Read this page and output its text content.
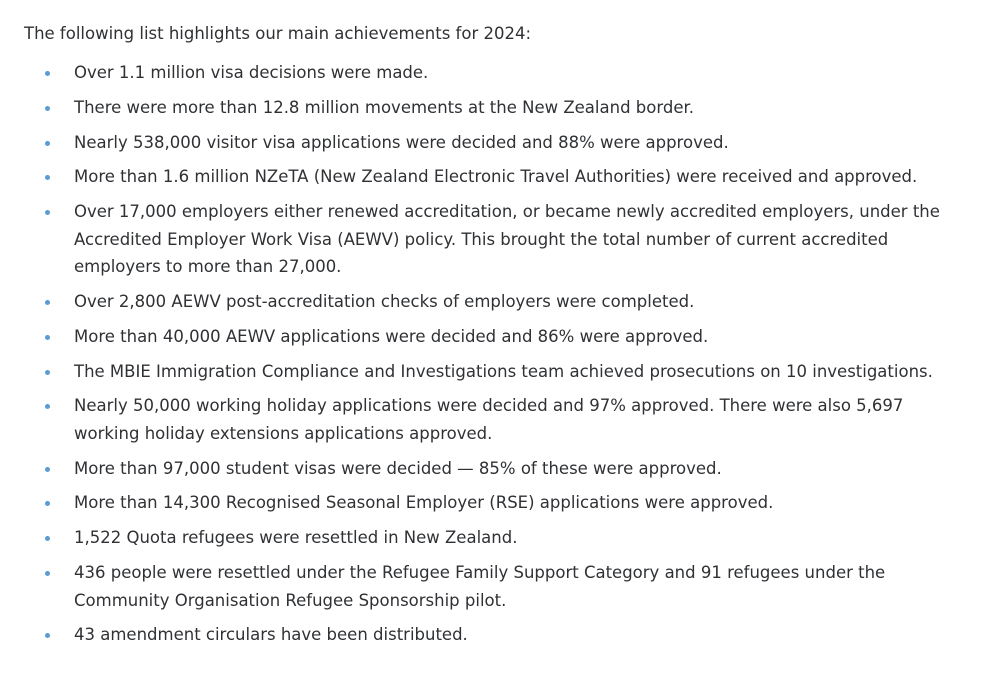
The following list highlights our main achievements for 2024:

Over 1.1 million visa decisions were made.
There were more than 12.8 million movements at the New Zealand border.
Nearly 538,000 visitor visa applications were decided and 88% were approved.
More than 1.6 million NZeTA (New Zealand Electronic Travel Authorities) were received and approved.
Over 17,000 employers either renewed accreditation, or became newly accredited employers, under the Accredited Employer Work Visa (AEWV) policy. This brought the total number of current accredited employers to more than 27,000.
Over 2,800 AEWV post-accreditation checks of employers were completed.
More than 40,000 AEWV applications were decided and 86% were approved.
The MBIE Immigration Compliance and Investigations team achieved prosecutions on 10 investigations.
Nearly 50,000 working holiday applications were decided and 97% approved. There were also 5,697 working holiday extensions applications approved.
More than 97,000 student visas were decided — 85% of these were approved.
More than 14,300 Recognised Seasonal Employer (RSE) applications were approved.
1,522 Quota refugees were resettled in New Zealand.
436 people were resettled under the Refugee Family Support Category and 91 refugees under the Community Organisation Refugee Sponsorship pilot.
43 amendment circulars have been distributed.
